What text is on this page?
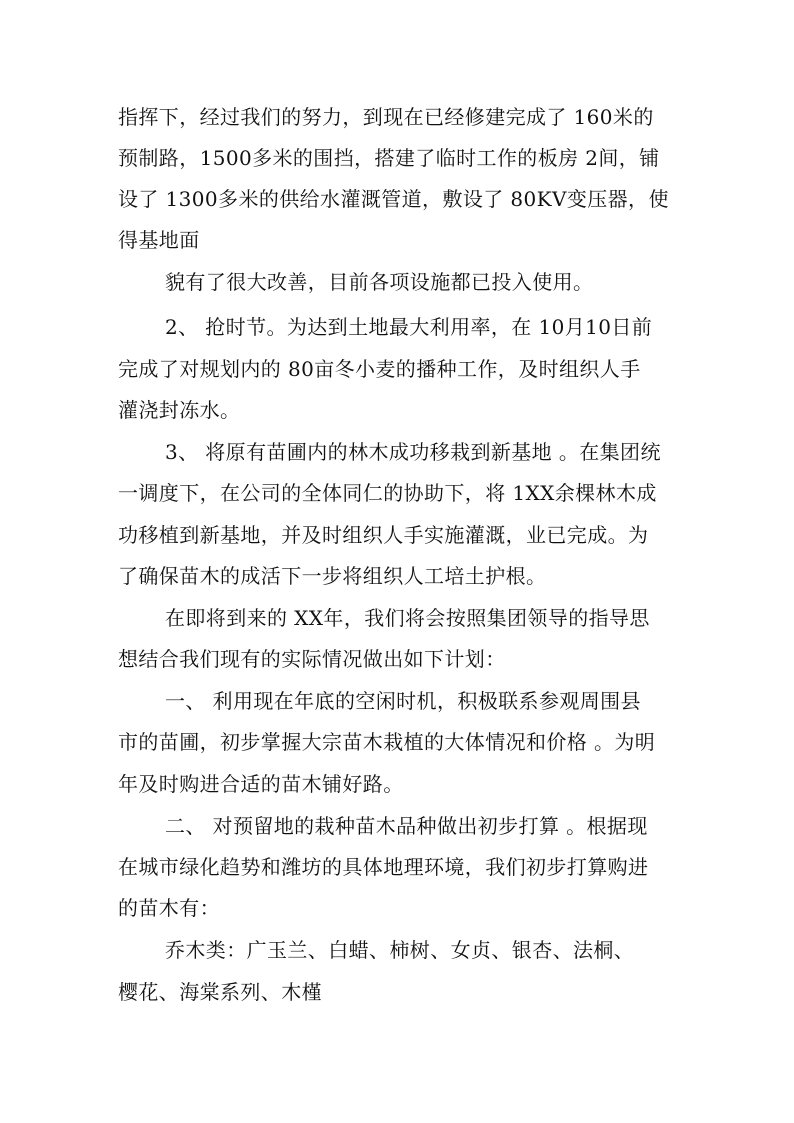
指挥下，经过我们的努力，到现在已经修建完成了 160米的
预制路，1500多米的围挡，搭建了临时工作的板房 2间，铺
设了 1300多米的供给水灌溉管道，敷设了 80KV变压器，使
得基地面
貌有了很大改善，目前各项设施都已投入使用。
2、 抢时节。为达到土地最大利用率，在 10月10日前
完成了对规划内的 80亩冬小麦的播种工作，及时组织人手
灌浇封冻水。
3、 将原有苗圃内的林木成功移栽到新基地 。在集团统
一调度下，在公司的全体同仁的协助下，将 1XX余棵林木成
功移植到新基地，并及时组织人手实施灌溉，业已完成。为
了确保苗木的成活下一步将组织人工培土护根。
在即将到来的 XX年，我们将会按照集团领导的指导思
想结合我们现有的实际情况做出如下计划：
一、 利用现在年底的空闲时机，积极联系参观周围县
市的苗圃，初步掌握大宗苗木栽植的大体情况和价格 。为明
年及时购进合适的苗木铺好路。
二、 对预留地的栽种苗木品种做出初步打算 。根据现
在城市绿化趋势和潍坊的具体地理环境，我们初步打算购进
的苗木有：
乔木类：广玉兰、白蜡、柿树、女贞、银杏、法桐、
樱花、海棠系列、木槿
